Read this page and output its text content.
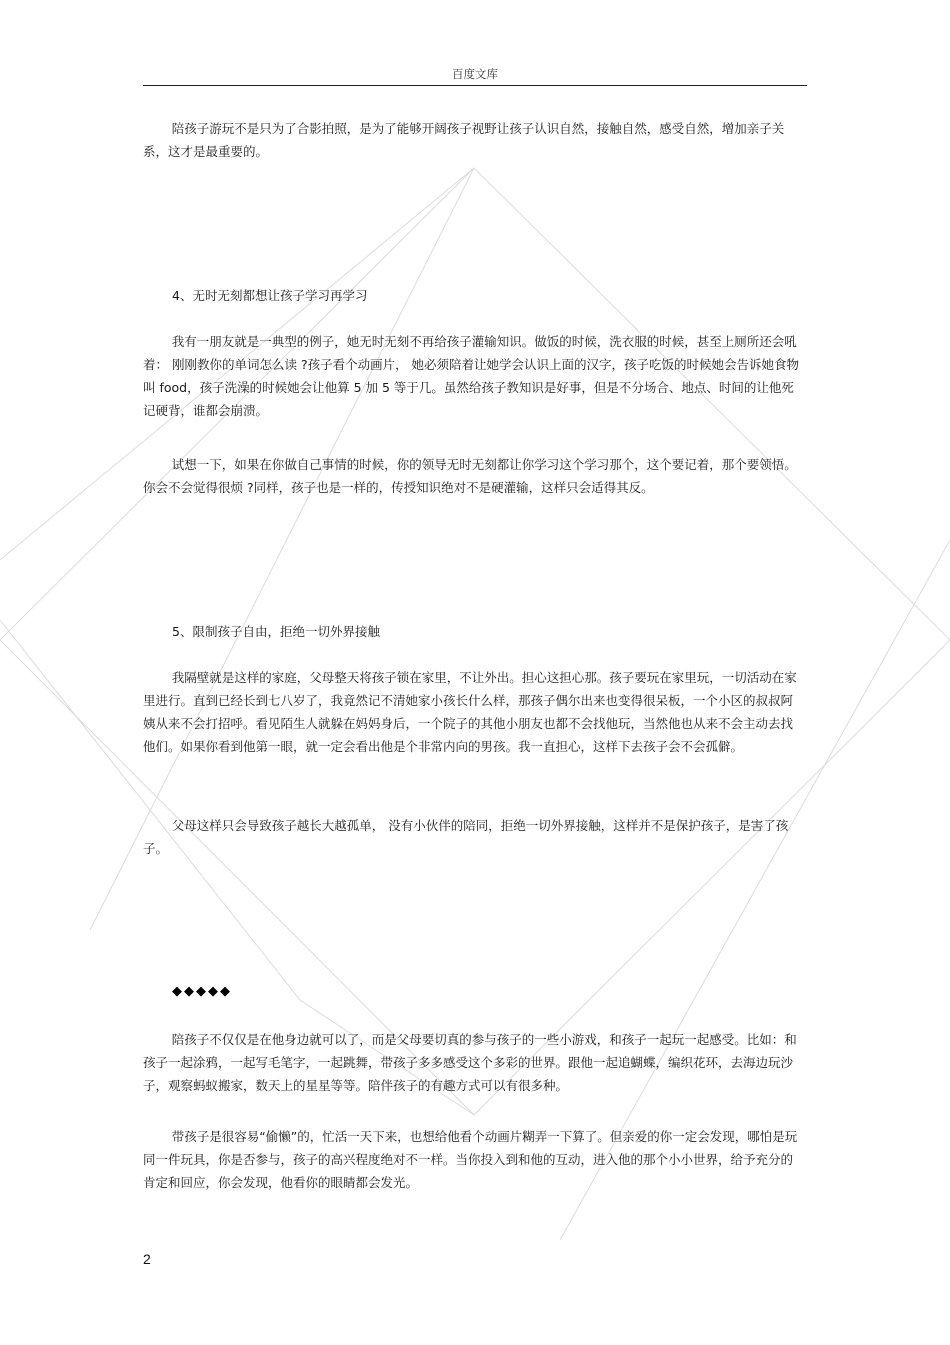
百度文库

陪孩子游玩不是只为了合影拍照，是为了能够开阔孩子视野让孩子认识自然，接触自然，感受自然，增加亲子关系，这才是最重要的。

4、无时无刻都想让孩子学习再学习

我有一朋友就是一典型的例子，她无时无刻不再给孩子灌输知识。做饭的时候，洗衣服的时候，甚至上厕所还会吼着： 刚刚教你的单词怎么读 ?孩子看个动画片， 她必须陪着让她学会认识上面的汉字，孩子吃饭的时候她会告诉她食物叫 food，孩子洗澡的时候她会让他算 5 加 5 等于几。虽然给孩子教知识是好事，但是不分场合、地点、时间的让他死记硬背，谁都会崩溃。

试想一下，如果在你做自己事情的时候，你的领导无时无刻都让你学习这个学习那个，这个要记着，那个要领悟。你会不会觉得很烦 ?同样，孩子也是一样的，传授知识绝对不是硬灌输，这样只会适得其反。

5、限制孩子自由，拒绝一切外界接触

我隔壁就是这样的家庭，父母整天将孩子锁在家里，不让外出。担心这担心那。孩子要玩在家里玩，一切活动在家里进行。直到已经长到七八岁了，我竟然记不清她家小孩长什么样，那孩子偶尔出来也变得很呆板，一个小区的叔叔阿姨从来不会打招呼。看见陌生人就躲在妈妈身后，一个院子的其他小朋友也都不会找他玩，当然他也从来不会主动去找他们。如果你看到他第一眼，就一定会看出他是个非常内向的男孩。我一直担心，这样下去孩子会不会孤僻。

父母这样只会导致孩子越长大越孤单， 没有小伙伴的陪同，拒绝一切外界接触，这样并不是保护孩子，是害了孩子。

◆◆◆◆◆

陪孩子不仅仅是在他身边就可以了，而是父母要切真的参与孩子的一些小游戏，和孩子一起玩一起感受。比如：和孩子一起涂鸦，一起写毛笔字，一起跳舞，带孩子多多感受这个多彩的世界。跟他一起追蝴蝶，编织花环，去海边玩沙子，观察蚂蚁搬家，数天上的星星等等。陪伴孩子的有趣方式可以有很多种。

带孩子是很容易“偷懒”的，忙活一天下来，也想给他看个动画片糊弄一下算了。但亲爱的你一定会发现，哪怕是玩同一件玩具，你是否参与，孩子的高兴程度绝对不一样。当你投入到和他的互动，进入他的那个小小世界，给予充分的肯定和回应，你会发现，他看你的眼睛都会发光。

2
